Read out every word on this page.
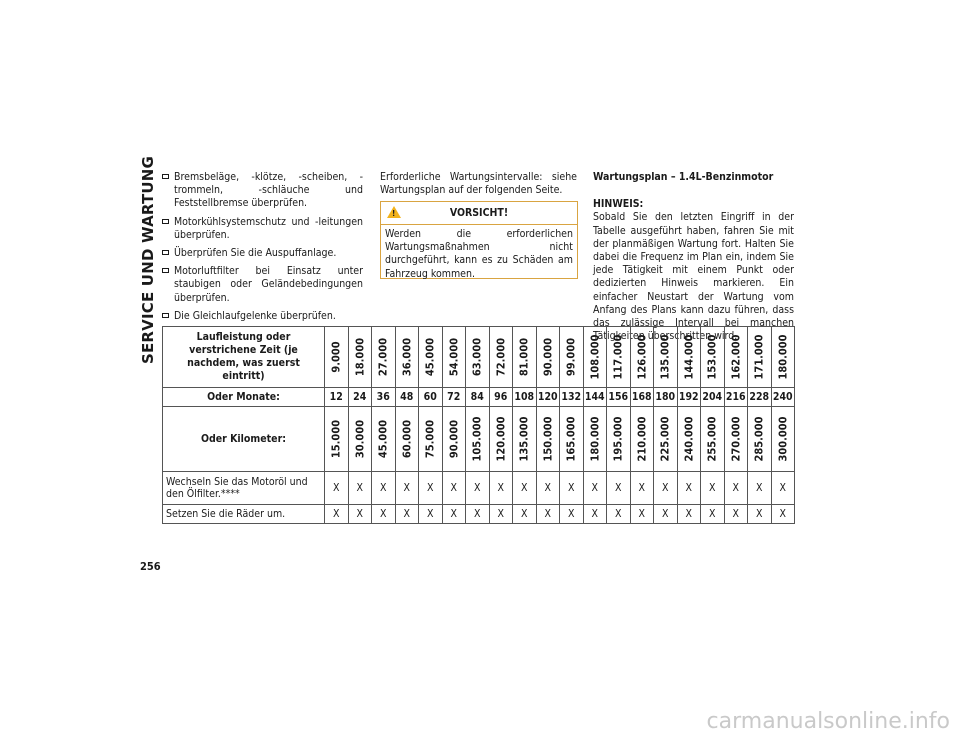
SERVICE UND WARTUNG
256
Bremsbeläge, -klötze, -scheiben, -trommeln, -schläuche und Feststellbremse überprüfen.
Motorkühlsystemschutz und -leitungen überprüfen.
Überprüfen Sie die Auspuffanlage.
Motorluftfilter bei Einsatz unter staubigen oder Geländebedingungen überprüfen.
Die Gleichlaufgelenke überprüfen.

Erforderliche Wartungsintervalle: siehe Wartungsplan auf der folgenden Seite.

!	VORSICHT!
Werden die erforderlichen Wartungsmaßnahmen nicht durchgeführt, kann es zu Schäden am Fahrzeug kommen.
Wartungsplan – 1.4L-Benzinmotor
HINWEIS:

Sobald Sie den letzten Eingriff in der Tabelle ausgeführt haben, fahren Sie mit der planmäßigen Wartung fort. Halten Sie dabei die Frequenz im Plan ein, indem Sie jede Tätigkeit mit einem Punkt oder dedizierten Hinweis markieren. Ein einfacher Neustart der Wartung vom Anfang des Plans kann dazu führen, dass das zulässige Intervall bei manchen Tätigkeiten überschritten wird.

Laufleistung oder verstrichene Zeit (je nachdem, was zuerst eintritt)	9.000	18.000	27.000	36.000	45.000	54.000	63.000	72.000	81.000	90.000	99.000	108.000	117.000	126.000	135.000	144.000	153.000	162.000	171.000	180.000

Oder Monate:	12	24	36	48	60	72	84	96	108	120	132	144	156	168	180	192	204	216	228	240
Oder Kilometer:	15.000	30.000	45.000	60.000	75.000	90.000	105.000	120.000	135.000	150.000	165.000	180.000	195.000	210.000	225.000	240.000	255.000	270.000	285.000	300.000

Wechseln Sie das Motoröl und den Ölfilter.****	X	X	X	X	X	X	X	X	X	X	X	X	X	X	X	X	X	X	X	X
Setzen Sie die Räder um.	X	X	X	X	X	X	X	X	X	X	X	X	X	X	X	X	X	X	X	X
carmanualsonline.info
